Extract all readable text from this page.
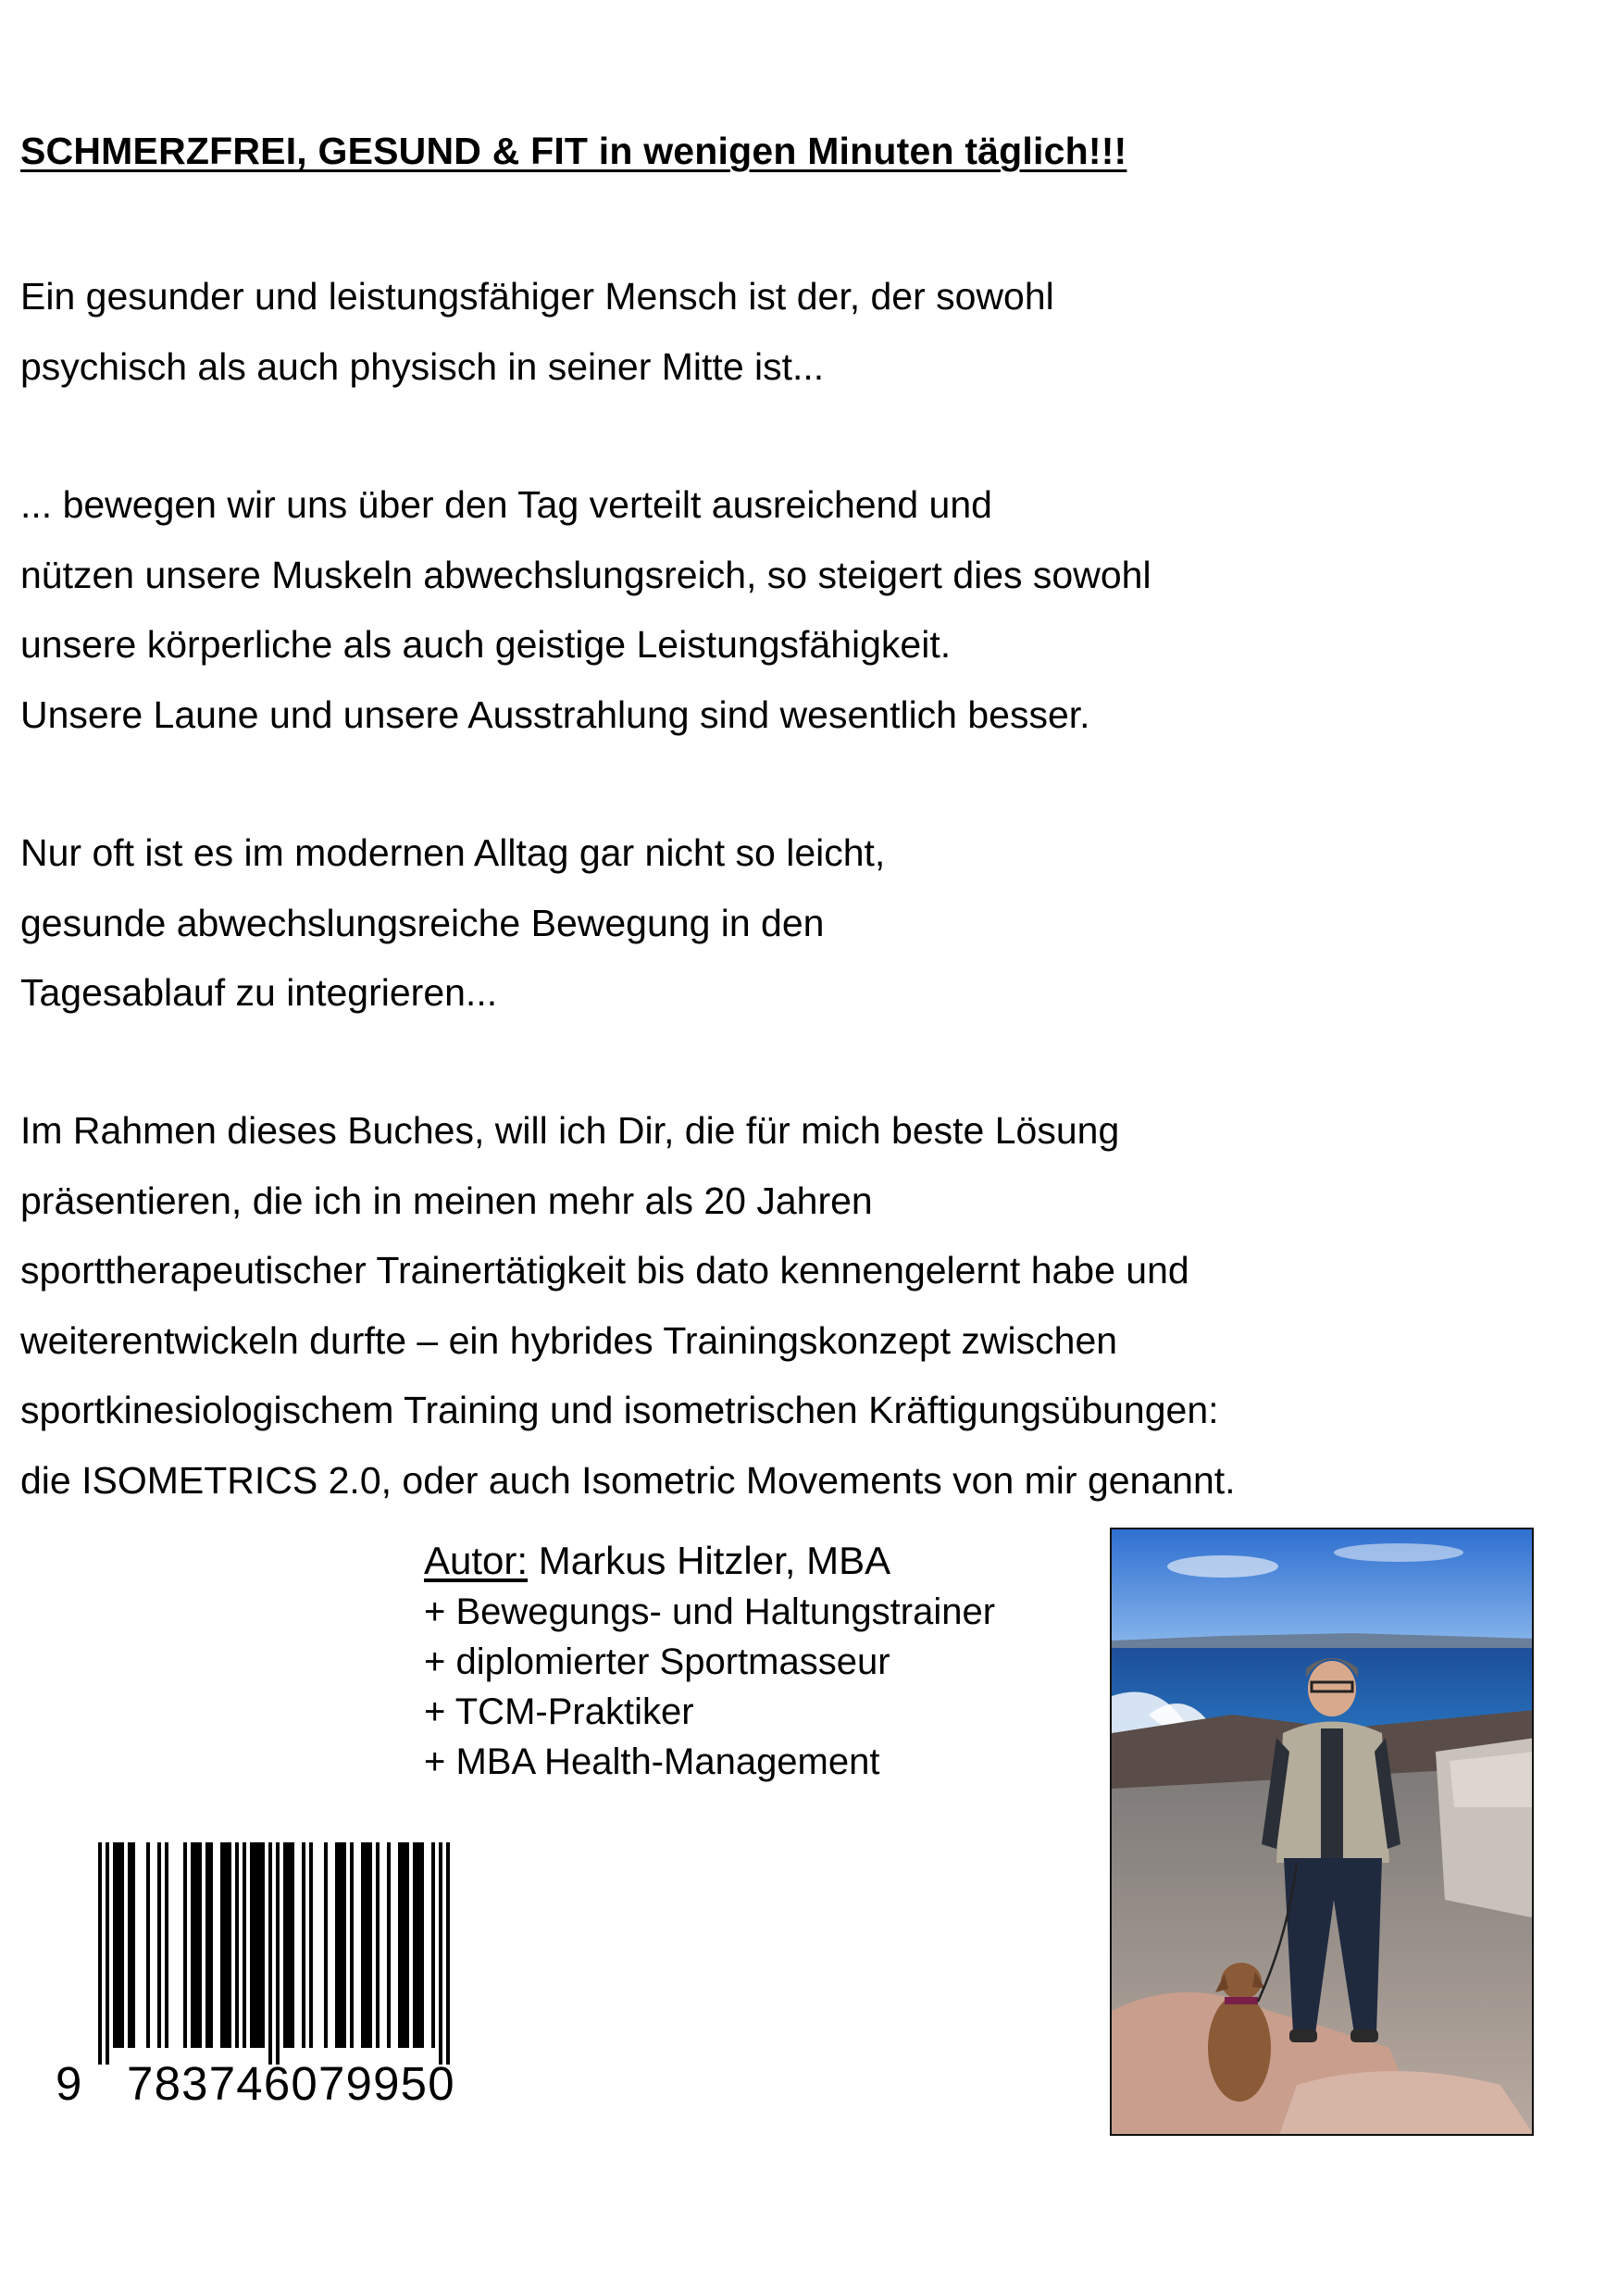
SCHMERZFREI, GESUND & FIT in wenigen Minuten täglich!!!
Ein gesunder und leistungsfähiger Mensch ist der, der sowohl
psychisch als auch physisch in seiner Mitte ist...
... bewegen wir uns über den Tag verteilt ausreichend und
nützen unsere Muskeln abwechslungsreich, so steigert dies sowohl
unsere körperliche als auch geistige Leistungsfähigkeit.
Unsere Laune und unsere Ausstrahlung sind wesentlich besser.
Nur oft ist es im modernen Alltag gar nicht so leicht,
gesunde abwechslungsreiche Bewegung in den
Tagesablauf zu integrieren...
Im Rahmen dieses Buches, will ich Dir, die für mich beste Lösung
präsentieren, die ich in meinen mehr als 20 Jahren
sporttherapeutischer Trainertätigkeit bis dato kennengelernt habe und
weiterentwickeln durfte – ein hybrides Trainingskonzept zwischen
sportkinesiologischem Training und isometrischen Kräftigungsübungen:
die ISOMETRICS 2.0, oder auch Isometric Movements von mir genannt.
Autor: Markus Hitzler, MBA
+ Bewegungs- und Haltungstrainer
+ diplomierter Sportmasseur
+ TCM-Praktiker
+ MBA Health-Management
9 783746079950
